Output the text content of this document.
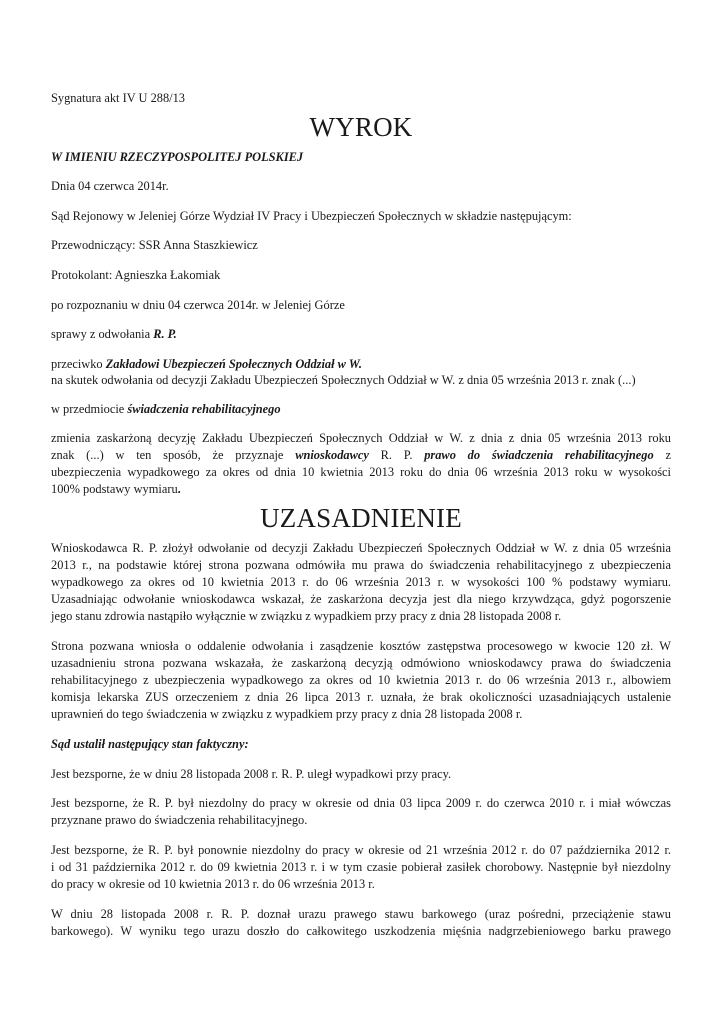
Sygnatura akt IV U 288/13
WYROK
W IMIENIU RZECZYPOSPOLITEJ POLSKIEJ
Dnia 04 czerwca 2014r.
Sąd Rejonowy w Jeleniej Górze Wydział IV Pracy i Ubezpieczeń Społecznych w składzie następującym:
Przewodniczący: SSR Anna Staszkiewicz
Protokolant: Agnieszka Łakomiak
po rozpoznaniu w dniu 04 czerwca 2014r. w Jeleniej Górze
sprawy z odwołania R. P.
przeciwko Zakładowi Ubezpieczeń Społecznych Oddział w W.
na skutek odwołania od decyzji Zakładu Ubezpieczeń Społecznych Oddział w W. z dnia 05 września 2013 r. znak (...)
w przedmiocie świadczenia rehabilitacyjnego
zmienia zaskarżoną decyzję Zakładu Ubezpieczeń Społecznych Oddział w W. z dnia z dnia 05 września 2013 roku
znak (...) w ten sposób, że przyznaje wnioskodawcy R. P. prawo do świadczenia rehabilitacyjnego z
ubezpieczenia wypadkowego za okres od dnia 10 kwietnia 2013 roku do dnia 06 września 2013 roku w wysokości
100% podstawy wymiaru.
UZASADNIENIE
Wnioskodawca R. P. złożył odwołanie od decyzji Zakładu Ubezpieczeń Społecznych Oddział w W. z dnia 05 września
2013 r., na podstawie której strona pozwana odmówiła mu prawa do świadczenia rehabilitacyjnego z ubezpieczenia
wypadkowego za okres od 10 kwietnia 2013 r. do 06 września 2013 r. w wysokości 100 % podstawy wymiaru.
Uzasadniając odwołanie wnioskodawca wskazał, że zaskarżona decyzja jest dla niego krzywdząca, gdyż pogorszenie
jego stanu zdrowia nastąpiło wyłącznie w związku z wypadkiem przy pracy z dnia 28 listopada 2008 r.
Strona pozwana wniosła o oddalenie odwołania i zasądzenie kosztów zastępstwa procesowego w kwocie 120 zł. W
uzasadnieniu strona pozwana wskazała, że zaskarżoną decyzją odmówiono wnioskodawcy prawa do świadczenia
rehabilitacyjnego z ubezpieczenia wypadkowego za okres od 10 kwietnia 2013 r. do 06 września 2013 r., albowiem
komisja lekarska ZUS orzeczeniem z dnia 26 lipca 2013 r. uznała, że brak okoliczności uzasadniających ustalenie
uprawnień do tego świadczenia w związku z wypadkiem przy pracy z dnia 28 listopada 2008 r.
Sąd ustalił następujący stan faktyczny:
Jest bezsporne, że w dniu 28 listopada 2008 r. R. P. uległ wypadkowi przy pracy.
Jest bezsporne, że R. P. był niezdolny do pracy w okresie od dnia 03 lipca 2009 r. do czerwca 2010 r. i miał wówczas
przyznane prawo do świadczenia rehabilitacyjnego.
Jest bezsporne, że R. P. był ponownie niezdolny do pracy w okresie od 21 września 2012 r. do 07 października 2012 r.
i od 31 października 2012 r. do 09 kwietnia 2013 r. i w tym czasie pobierał zasiłek chorobowy. Następnie był niezdolny
do pracy w okresie od 10 kwietnia 2013 r. do 06 września 2013 r.
W dniu 28 listopada 2008 r. R. P. doznał urazu prawego stawu barkowego (uraz pośredni, przeciążenie stawu
barkowego). W wyniku tego urazu doszło do całkowitego uszkodzenia mięśnia nadgrzebieniowego barku prawego
